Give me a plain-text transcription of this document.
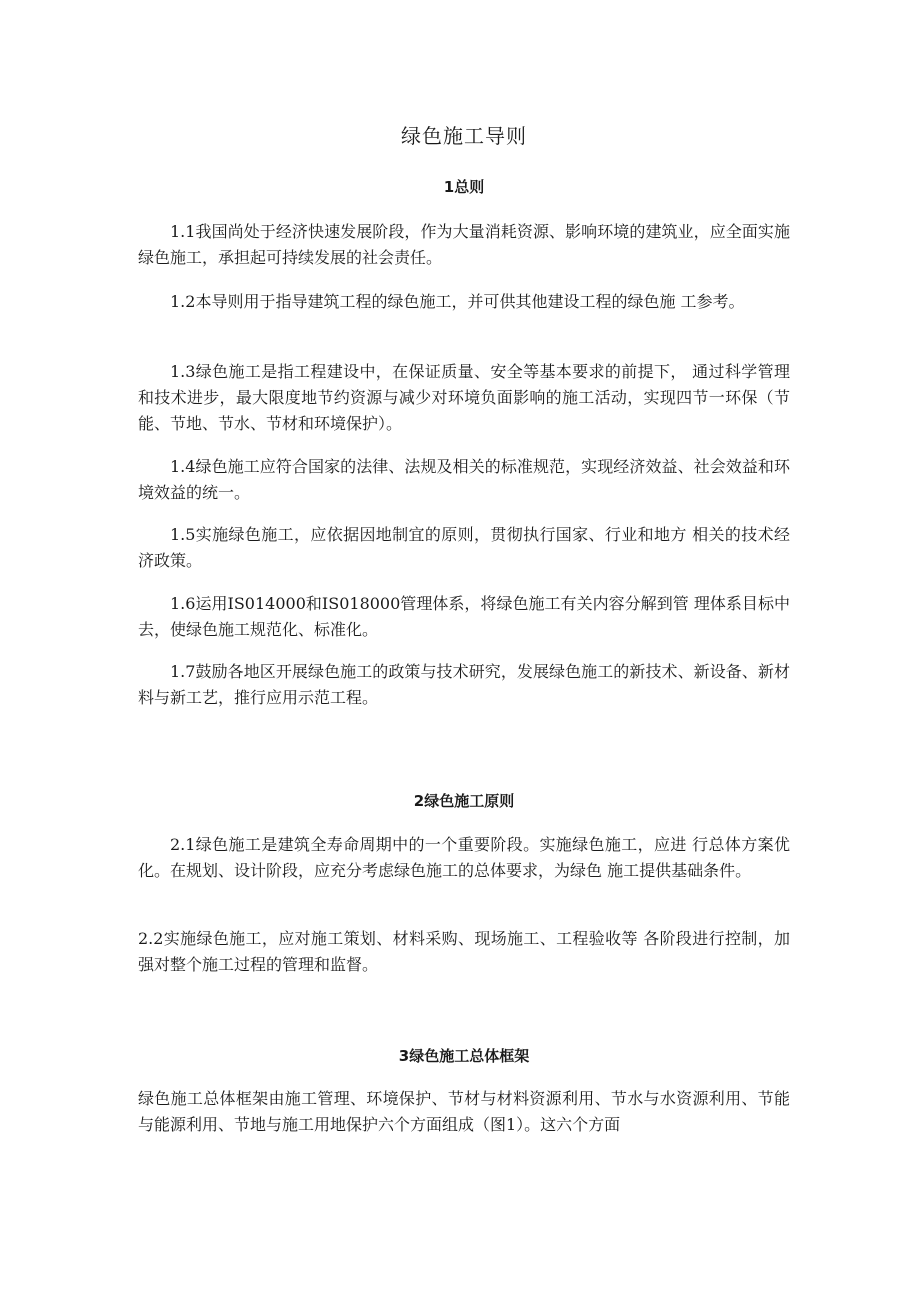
绿色施工导则
1总则

1.1我国尚处于经济快速发展阶段，作为大量消耗资源、影响环境的建筑业，应全面实施绿色施工，承担起可持续发展的社会责任。

1.2本导则用于指导建筑工程的绿色施工，并可供其他建设工程的绿色施 工参考。

1.3绿色施工是指工程建设中，在保证质量、安全等基本要求的前提下， 通过科学管理和技术进步，最大限度地节约资源与减少对环境负面影响的施工活动，实现四节一环保（节能、节地、节水、节材和环境保护）。

1.4绿色施工应符合国家的法律、法规及相关的标准规范，实现经济效益、社会效益和环境效益的统一。

1.5实施绿色施工，应依据因地制宜的原则，贯彻执行国家、行业和地方 相关的技术经济政策。

1.6运用IS014000和IS018000管理体系，将绿色施工有关内容分解到管 理体系目标中去，使绿色施工规范化、标准化。

1.7鼓励各地区开展绿色施工的政策与技术研究，发展绿色施工的新技术、新设备、新材料与新工艺，推行应用示范工程。

2绿色施工原则

2.1绿色施工是建筑全寿命周期中的一个重要阶段。实施绿色施工，应进 行总体方案优化。在规划、设计阶段，应充分考虑绿色施工的总体要求，为绿色 施工提供基础条件。

2.2实施绿色施工，应对施工策划、材料采购、现场施工、工程验收等 各阶段进行控制，加强对整个施工过程的管理和监督。

3绿色施工总体框架

绿色施工总体框架由施工管理、环境保护、节材与材料资源利用、节水与水资源利用、节能与能源利用、节地与施工用地保护六个方面组成（图1）。这六个方面
